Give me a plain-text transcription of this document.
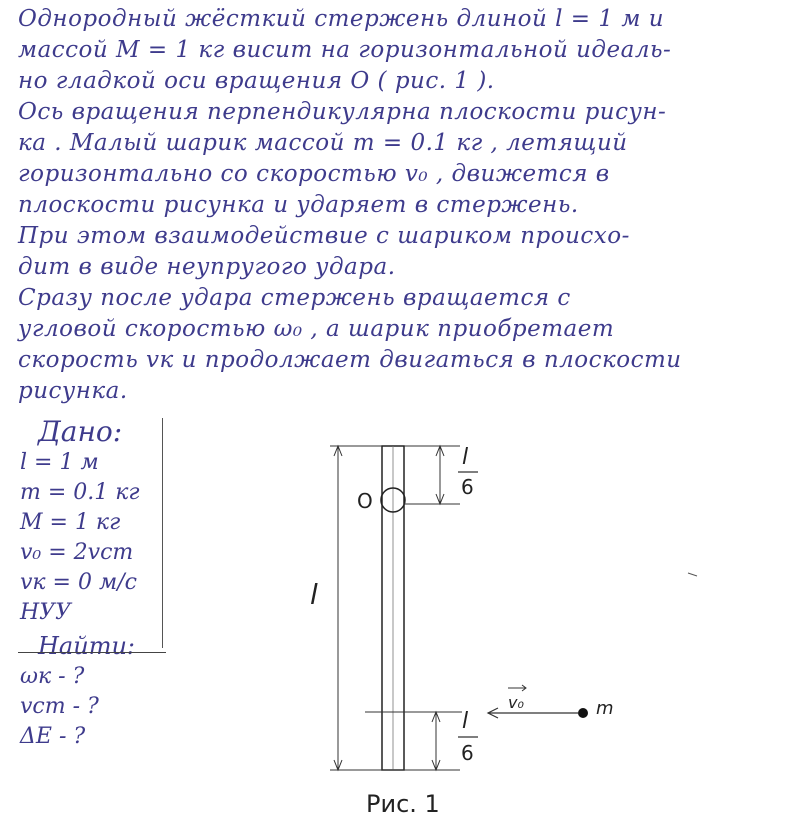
Однородный жёсткий стержень длиной l = 1 м и
массой M = 1 кг висит на горизонтальной идеаль-
но гладкой оси вращения O ( рис. 1 ).
Ось вращения перпендикулярна плоскости рисун-
ка . Малый шарик массой m = 0.1 кг , летящий
горизонтально со скоростью v₀ , движется в
плоскости рисунка и ударяет в стержень.
При этом взаимодействие с шариком происхо-
дит в виде неупругого удара.
Сразу после удара стержень вращается с
угловой скоростью ω₀ , а шарик приобретает
скорость vк и продолжает двигаться в плоскости
рисунка.
Дано:
l = 1 м
m = 0.1 кг
M = 1 кг
v₀ = 2vст
vк = 0 м/с
НУУ
Найти:
ωк - ?
vст - ?
ΔE - ?
O
l
l
6
l
6
v₀	m
Рис. 1
